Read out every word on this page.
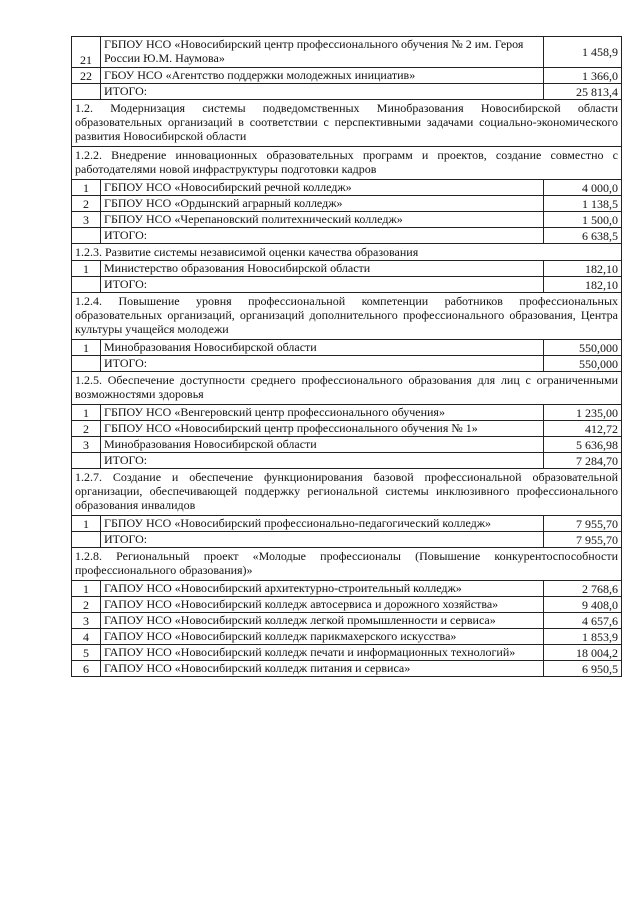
21	ГБПОУ НСО «Новосибирский центр профессионального обучения № 2 им. Героя России Ю.М. Наумова»	1 458,9
22	ГБОУ НСО «Агентство поддержки молодежных инициатив»	1 366,0
	ИТОГО:	25 813,4
1.2. Модернизация системы подведомственных Минобразования Новосибирской области образовательных организаций в соответствии с перспективными задачами социально-экономического развития Новосибирской области		
1.2.2. Внедрение инновационных образовательных программ и проектов, создание совместно с работодателями новой инфраструктуры подготовки кадров		
1	ГБПОУ НСО «Новосибирский речной колледж»	4 000,0
2	ГБПОУ НСО «Ордынский аграрный колледж»	1 138,5
3	ГБПОУ НСО «Черепановский политехнический колледж»	1 500,0
	ИТОГО:	6 638,5
1.2.3. Развитие системы независимой оценки качества образования		
1	Министерство образования Новосибирской области	182,10
	ИТОГО:	182,10
1.2.4. Повышение уровня профессиональной компетенции работников профессиональных образовательных организаций, организаций дополнительного профессионального образования, Центра культуры учащейся молодежи		
1	Минобразования Новосибирской области	550,000
	ИТОГО:	550,000
1.2.5. Обеспечение доступности среднего профессионального образования для лиц с ограниченными возможностями здоровья		
1	ГБПОУ НСО «Венгеровский центр профессионального обучения»	1 235,00
2	ГБПОУ НСО «Новосибирский центр профессионального обучения № 1»	412,72
3	Минобразования Новосибирской области	5 636,98
	ИТОГО:	7 284,70
1.2.7. Создание и обеспечение функционирования базовой профессиональной образовательной организации, обеспечивающей поддержку региональной системы инклюзивного профессионального образования инвалидов		
1	ГБПОУ НСО «Новосибирский профессионально-педагогический колледж»	7 955,70
	ИТОГО:	7 955,70
1.2.8. Региональный проект «Молодые профессионалы (Повышение конкурентоспособности профессионального образования)»		
1	ГАПОУ НСО «Новосибирский архитектурно-строительный колледж»	2 768,6
2	ГАПОУ НСО «Новосибирский колледж автосервиса и дорожного хозяйства»	9 408,0
3	ГАПОУ НСО «Новосибирский колледж легкой промышленности и сервиса»	4 657,6
4	ГАПОУ НСО «Новосибирский колледж парикмахерского искусства»	1 853,9
5	ГАПОУ НСО «Новосибирский колледж печати и информационных технологий»	18 004,2
6	ГАПОУ НСО «Новосибирский колледж питания и сервиса»	6 950,5
